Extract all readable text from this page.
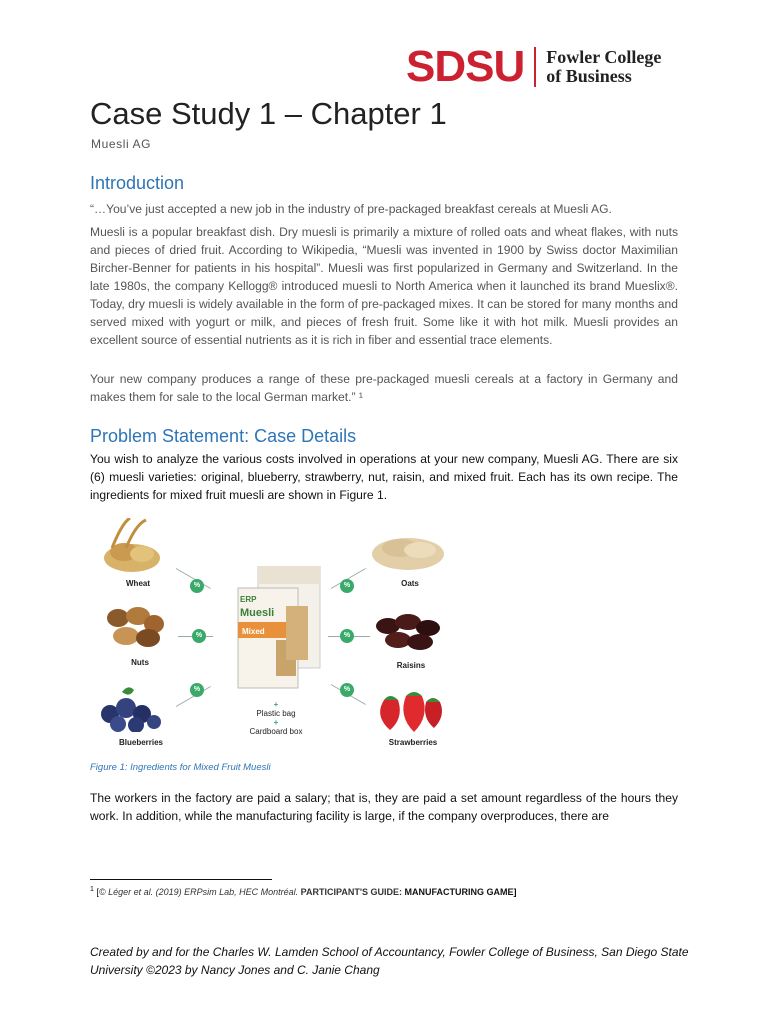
SDSU Fowler College
of Business
Case Study 1 – Chapter 1
Muesli AG
Introduction
“…You’ve just accepted a new job in the industry of pre-packaged breakfast cereals at Muesli AG.
Muesli is a popular breakfast dish. Dry muesli is primarily a mixture of rolled oats and wheat flakes, with nuts and pieces of dried fruit. According to Wikipedia, “Muesli was invented in 1900 by Swiss doctor Maximilian Bircher-Benner for patients in his hospital”. Muesli was first popularized in Germany and Switzerland. In the late 1980s, the company Kellogg® introduced muesli to North America when it launched its brand Mueslix®. Today, dry muesli is widely available in the form of pre-packaged mixes. It can be stored for many months and served mixed with yogurt or milk, and pieces of fresh fruit. Some like it with hot milk. Muesli provides an excellent source of essential nutrients as it is rich in fiber and essential trace elements.
Your new company produces a range of these pre-packaged muesli cereals at a factory in Germany and makes them for sale to the local German market.” ¹
Problem Statement: Case Details
You wish to analyze the various costs involved in operations at your new company, Muesli AG. There are six (6) muesli varieties: original, blueberry, strawberry, nut, raisin, and mixed fruit. Each has its own recipe. The ingredients for mixed fruit muesli are shown in Figure 1.
Wheat
Nuts
Blueberries
%
%
%
ERP
Muesli
Mixed
+
Plastic bag
+
Cardboard box
%
%
%
Oats
Raisins
Strawberries
Figure 1: Ingredients for Mixed Fruit Muesli
The workers in the factory are paid a salary; that is, they are paid a set amount regardless of the hours they work. In addition, while the manufacturing facility is large, if the company overproduces, there are
$^1$ [© Léger et al. (2019) ERPsim Lab, HEC Montréal. PARTICIPANT'S GUIDE: MANUFACTURING GAME]
Created by and for the Charles W. Lamden School of Accountancy, Fowler College of Business, San Diego State University ©2023 by Nancy Jones and C. Janie Chang
